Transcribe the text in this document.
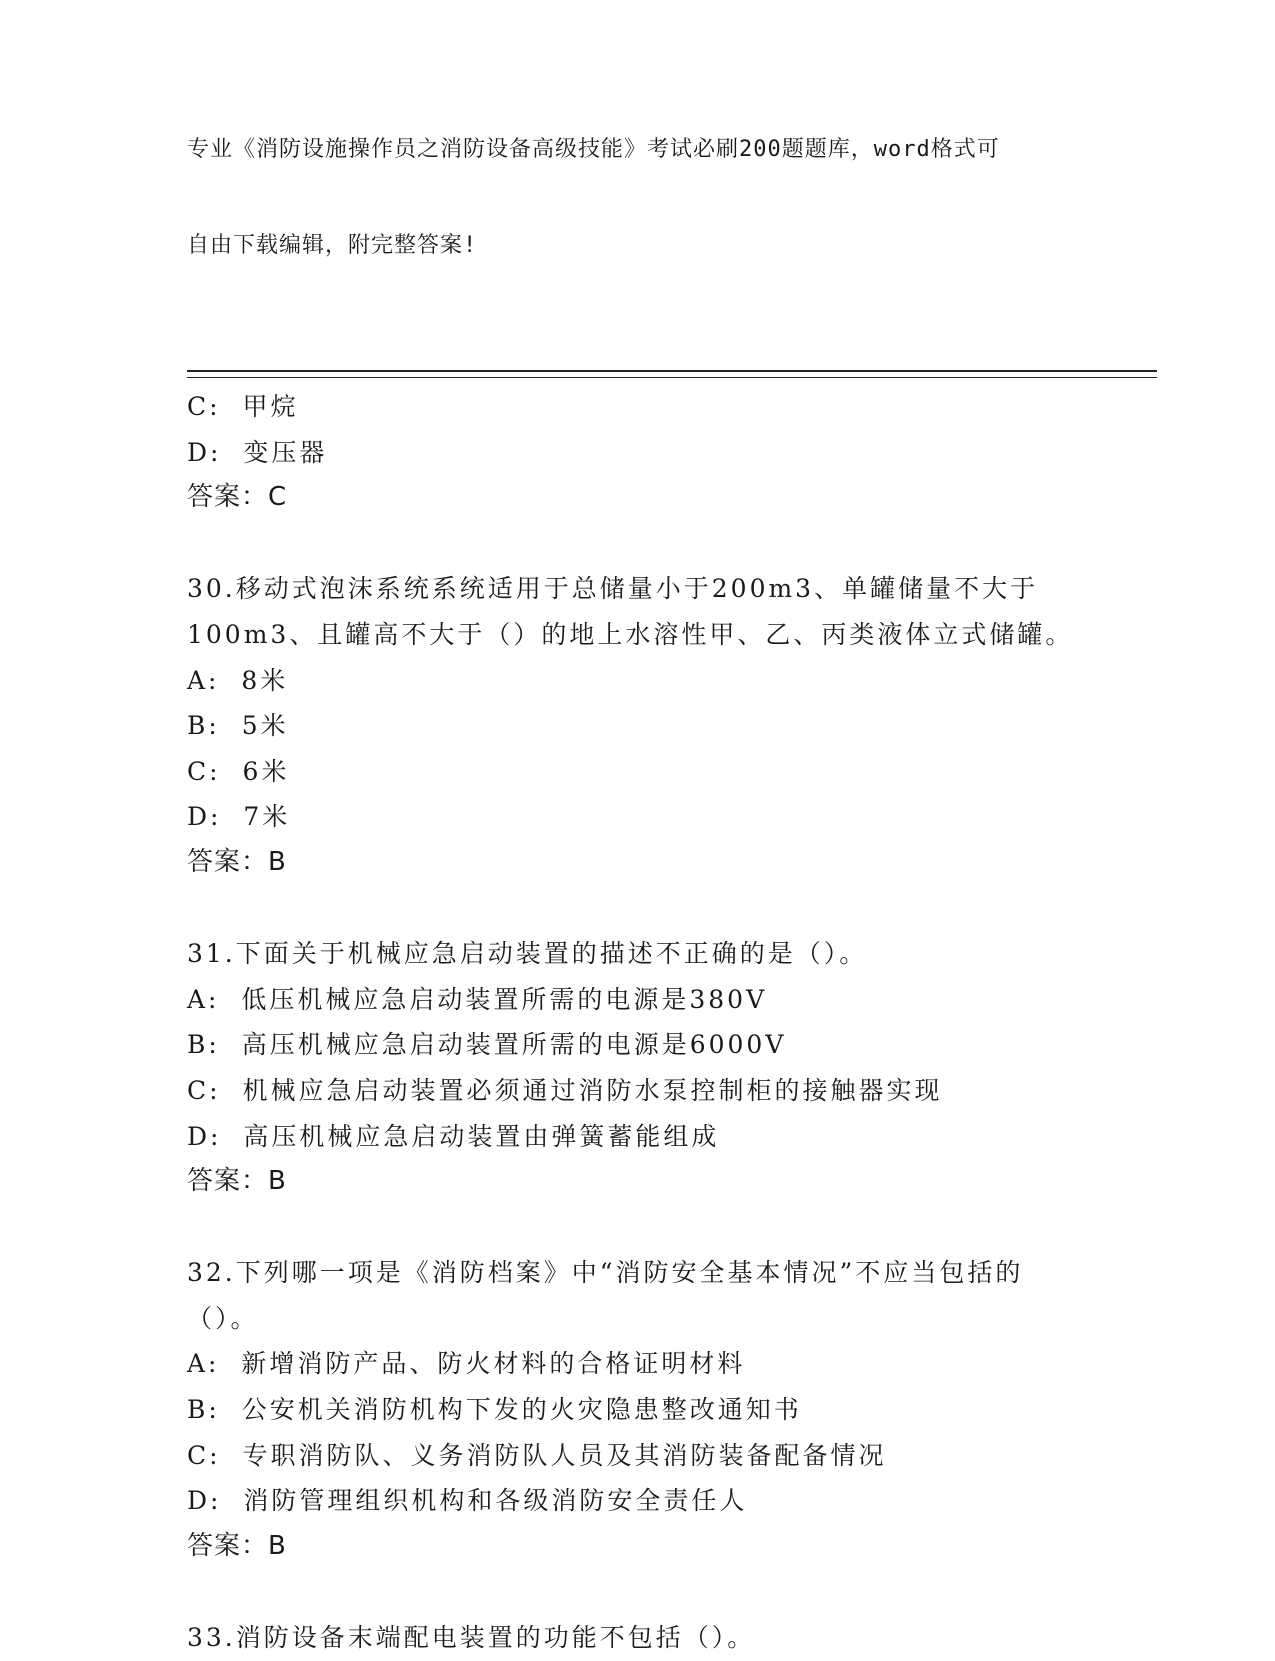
专业《消防设施操作员之消防设备高级技能》考试必刷200题题库，word格式可

自由下载编辑，附完整答案!

C:  甲烷
D:  变压器
答案：C
30.移动式泡沫系统系统适用于总储量小于200m3、单罐储量不大于
100m3、且罐高不大于（）的地上水溶性甲、乙、丙类液体立式储罐。
A:  8米
B:  5米
C:  6米
D:  7米
答案：B
31.下面关于机械应急启动装置的描述不正确的是（）。
A:  低压机械应急启动装置所需的电源是380V
B:  高压机械应急启动装置所需的电源是6000V
C:  机械应急启动装置必须通过消防水泵控制柜的接触器实现
D:  高压机械应急启动装置由弹簧蓄能组成
答案：B
32.下列哪一项是《消防档案》中“消防安全基本情况”不应当包括的
（）。
A:  新增消防产品、防火材料的合格证明材料
B:  公安机关消防机构下发的火灾隐患整改通知书
C:  专职消防队、义务消防队人员及其消防装备配备情况
D:  消防管理组织机构和各级消防安全责任人
答案：B
33.消防设备末端配电装置的功能不包括（）。
